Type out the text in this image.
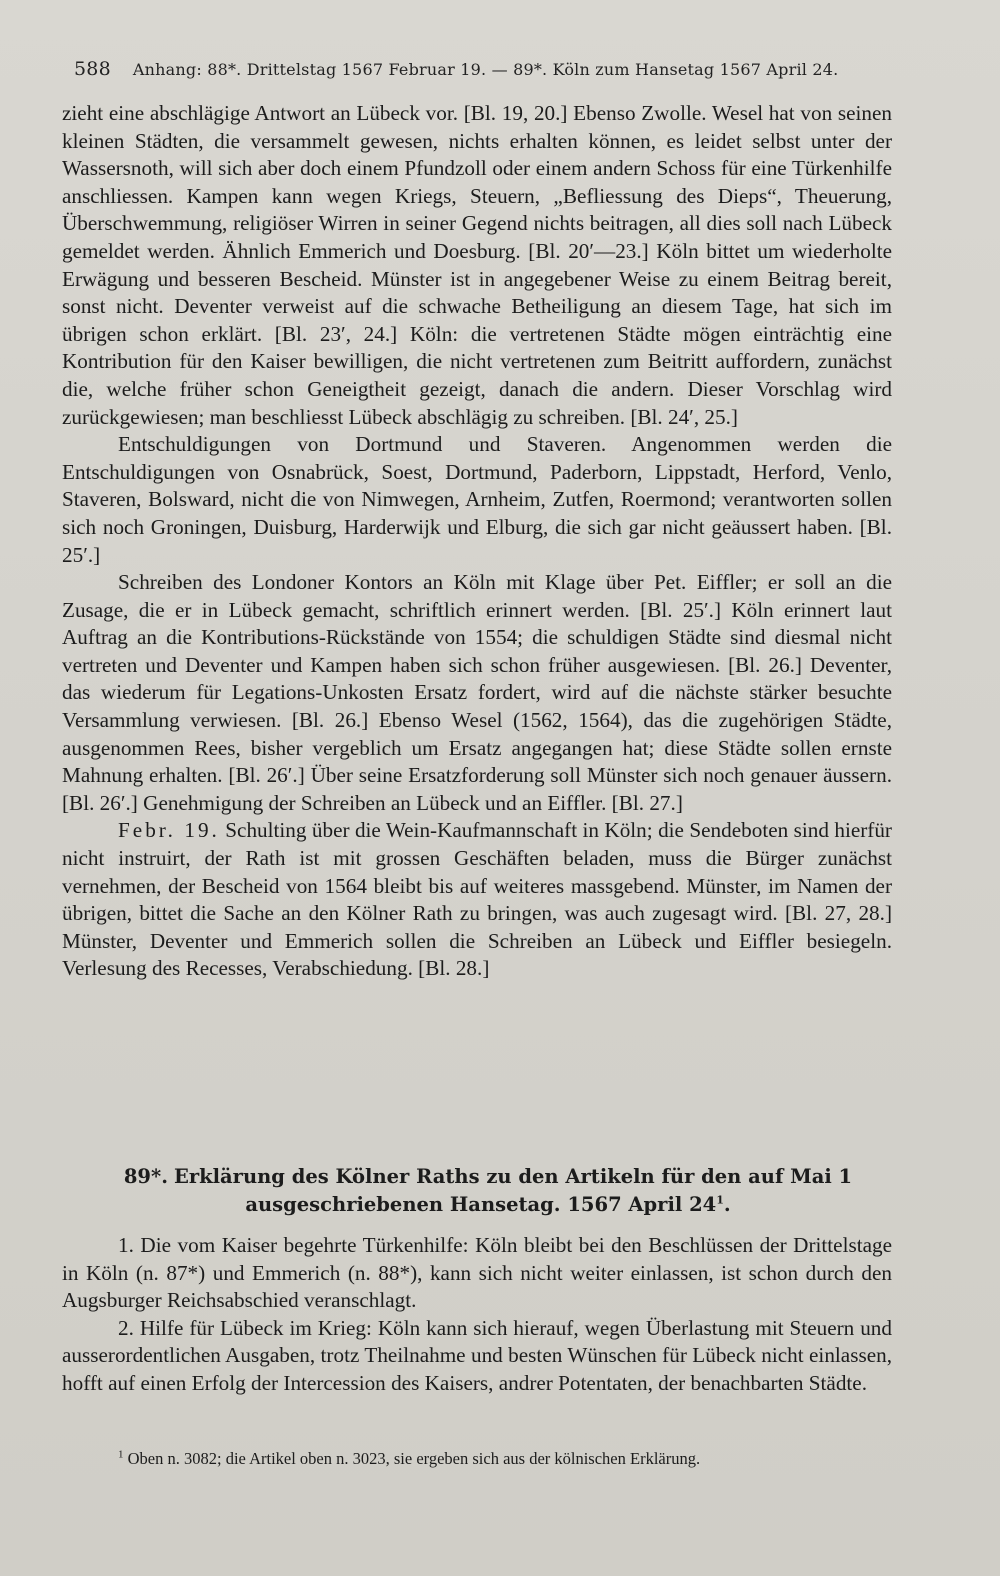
588 Anhang: 88*. Drittelstag 1567 Februar 19. — 89*. Köln zum Hansetag 1567 April 24.

zieht eine abschlägige Antwort an Lübeck vor. [Bl. 19, 20.] Ebenso Zwolle. Wesel hat von seinen kleinen Städten, die versammelt gewesen, nichts erhalten können, es leidet selbst unter der Wassersnoth, will sich aber doch einem Pfundzoll oder einem andern Schoss für eine Türkenhilfe anschliessen. Kampen kann wegen Kriegs, Steuern, „Befliessung des Dieps“, Theuerung, Überschwemmung, religiöser Wirren in seiner Gegend nichts beitragen, all dies soll nach Lübeck gemeldet werden. Ähnlich Emmerich und Doesburg. [Bl. 20′—23.] Köln bittet um wiederholte Erwägung und besseren Bescheid. Münster ist in angegebener Weise zu einem Beitrag bereit, sonst nicht. Deventer verweist auf die schwache Betheiligung an diesem Tage, hat sich im übrigen schon erklärt. [Bl. 23′, 24.] Köln: die vertretenen Städte mögen einträchtig eine Kontribution für den Kaiser bewilligen, die nicht vertretenen zum Beitritt auffordern, zunächst die, welche früher schon Geneigtheit gezeigt, danach die andern. Dieser Vorschlag wird zurückgewiesen; man beschliesst Lübeck abschlägig zu schreiben. [Bl. 24′, 25.]

Entschuldigungen von Dortmund und Staveren. Angenommen werden die Entschuldigungen von Osnabrück, Soest, Dortmund, Paderborn, Lippstadt, Herford, Venlo, Staveren, Bolsward, nicht die von Nimwegen, Arnheim, Zutfen, Roermond; verantworten sollen sich noch Groningen, Duisburg, Harderwijk und Elburg, die sich gar nicht geäussert haben. [Bl. 25′.]

Schreiben des Londoner Kontors an Köln mit Klage über Pet. Eiffler; er soll an die Zusage, die er in Lübeck gemacht, schriftlich erinnert werden. [Bl. 25′.] Köln erinnert laut Auftrag an die Kontributions-Rückstände von 1554; die schuldigen Städte sind diesmal nicht vertreten und Deventer und Kampen haben sich schon früher ausgewiesen. [Bl. 26.] Deventer, das wiederum für Legations-Unkosten Ersatz fordert, wird auf die nächste stärker besuchte Versammlung verwiesen. [Bl. 26.] Ebenso Wesel (1562, 1564), das die zugehörigen Städte, ausgenommen Rees, bisher vergeblich um Ersatz angegangen hat; diese Städte sollen ernste Mahnung erhalten. [Bl. 26′.] Über seine Ersatzforderung soll Münster sich noch genauer äussern. [Bl. 26′.] Genehmigung der Schreiben an Lübeck und an Eiffler. [Bl. 27.]

Febr. 19. Schulting über die Wein-Kaufmannschaft in Köln; die Sendeboten sind hierfür nicht instruirt, der Rath ist mit grossen Geschäften beladen, muss die Bürger zunächst vernehmen, der Bescheid von 1564 bleibt bis auf weiteres massgebend. Münster, im Namen der übrigen, bittet die Sache an den Kölner Rath zu bringen, was auch zugesagt wird. [Bl. 27, 28.] Münster, Deventer und Emmerich sollen die Schreiben an Lübeck und Eiffler besiegeln. Verlesung des Recesses, Verabschiedung. [Bl. 28.]

89*. Erklärung des Kölner Raths zu den Artikeln für den auf Mai 1 ausgeschriebenen Hansetag. 1567 April $24^1$.

1. Die vom Kaiser begehrte Türkenhilfe: Köln bleibt bei den Beschlüssen der Drittelstage in Köln (n. 87*) und Emmerich (n. 88*), kann sich nicht weiter einlassen, ist schon durch den Augsburger Reichsabschied veranschlagt.

2. Hilfe für Lübeck im Krieg: Köln kann sich hierauf, wegen Überlastung mit Steuern und ausserordentlichen Ausgaben, trotz Theilnahme und besten Wünschen für Lübeck nicht einlassen, hofft auf einen Erfolg der Intercession des Kaisers, andrer Potentaten, der benachbarten Städte.

$^1$ Oben n. 3082; die Artikel oben n. 3023, sie ergeben sich aus der kölnischen Erklärung.
